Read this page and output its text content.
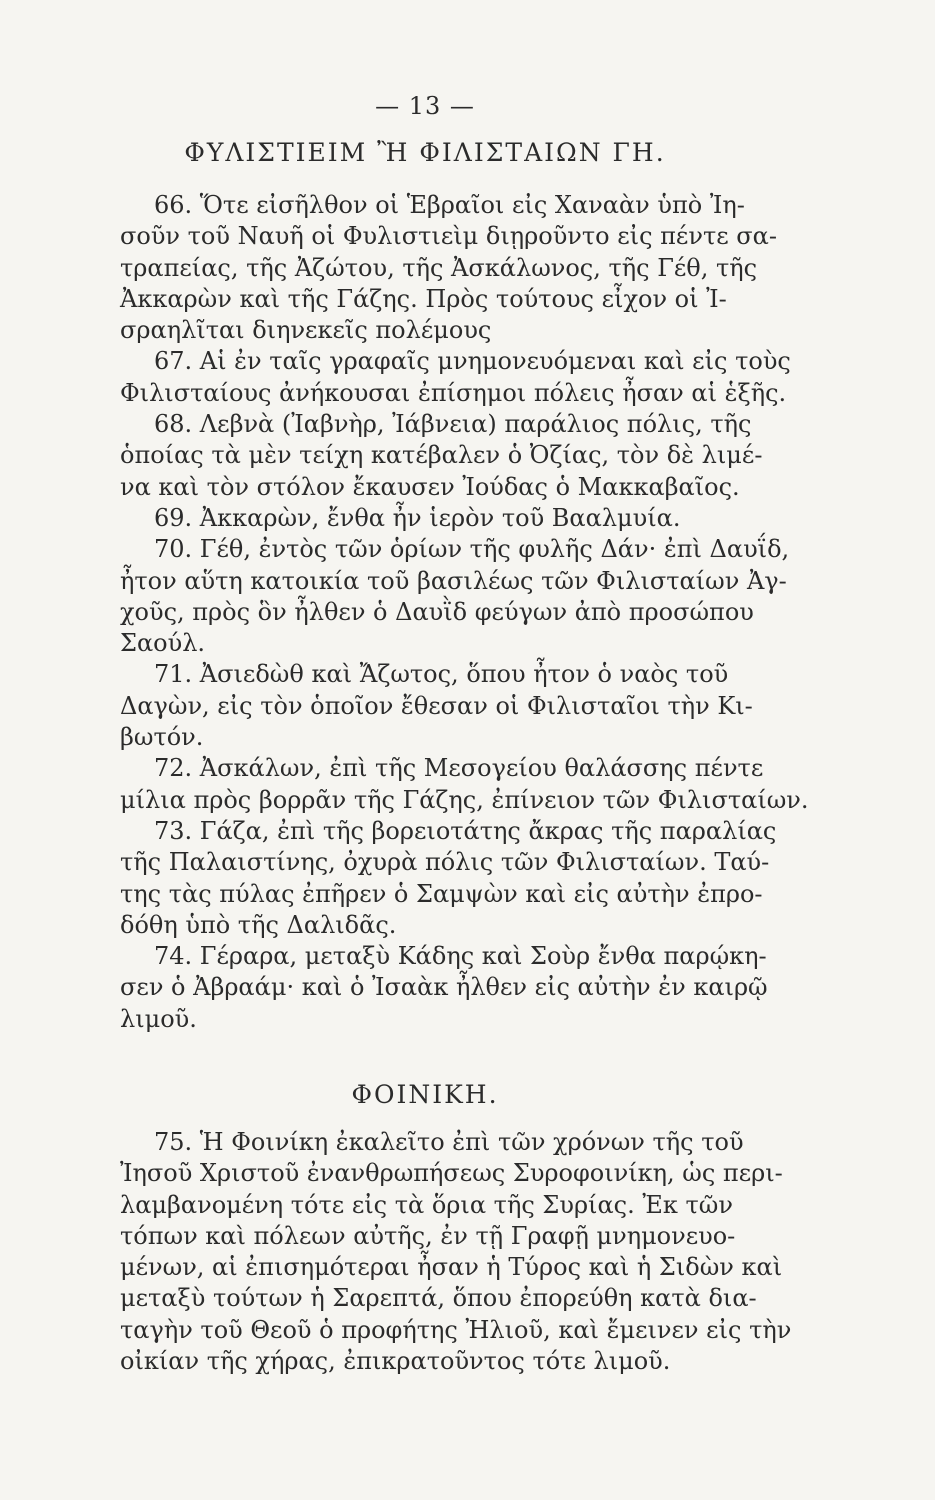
— 13 —
ΦΥΛΙΣΤΙΕΙΜ Ἢ ΦΙΛΙΣΤΑΙΩΝ ΓΗ.
66. Ὅτε εἰσῆλθον οἱ Ἑβραῖοι εἰς Χαναὰν ὑπὸ Ἰη-
σοῦν τοῦ Ναυῆ οἱ Φυλιστιεὶμ διῃροῦντο εἰς πέντε σα-
τραπείας, τῆς Ἀζώτου, τῆς Ἀσκάλωνος, τῆς Γέθ, τῆς
Ἀκκαρὼν καὶ τῆς Γάζης. Πρὸς τούτους εἶχον οἱ Ἰ-
σραηλῖται διηνεκεῖς πολέμους
67. Αἱ ἐν ταῖς γραφαῖς μνημονευόμεναι καὶ εἰς τοὺς
Φιλισταίους ἀνήκουσαι ἐπίσημοι πόλεις ἦσαν αἱ ἑξῆς.
68. Λεβνὰ (Ἰαβνὴρ, Ἰάβνεια) παράλιος πόλις, τῆς
ὁποίας τὰ μὲν τείχη κατέβαλεν ὁ Ὀζίας, τὸν δὲ λιμέ-
να καὶ τὸν στόλον ἔκαυσεν Ἰούδας ὁ Μακκαβαῖος.
69. Ἀκκαρὼν, ἔνθα ἦν ἱερὸν τοῦ Βααλμυία.
70. Γέθ, ἐντὸς τῶν ὁρίων τῆς φυλῆς Δάν· ἐπὶ Δαυΐδ,
ἦτον αὕτη κατοικία τοῦ βασιλέως τῶν Φιλισταίων Ἀγ-
χοῦς, πρὸς ὃν ἦλθεν ὁ Δαυῒδ φεύγων ἀπὸ προσώπου
Σαούλ.
71. Ἀσιεδὼθ καὶ Ἄζωτος, ὅπου ἦτον ὁ ναὸς τοῦ
Δαγὼν, εἰς τὸν ὁποῖον ἔθεσαν οἱ Φιλισταῖοι τὴν Κι-
βωτόν.
72. Ἀσκάλων, ἐπὶ τῆς Μεσογείου θαλάσσης πέντε
μίλια πρὸς βορρᾶν τῆς Γάζης, ἐπίνειον τῶν Φιλισταίων.
73. Γάζα, ἐπὶ τῆς βορειοτάτης ἄκρας τῆς παραλίας
τῆς Παλαιστίνης, ὀχυρὰ πόλις τῶν Φιλισταίων. Ταύ-
της τὰς πύλας ἐπῆρεν ὁ Σαμψὼν καὶ εἰς αὐτὴν ἐπρο-
δόθη ὑπὸ τῆς Δαλιδᾶς.
74. Γέραρα, μεταξὺ Κάδης καὶ Σοὺρ ἔνθα παρῴκη-
σεν ὁ Ἀβραάμ· καὶ ὁ Ἰσαὰκ ἦλθεν εἰς αὐτὴν ἐν καιρῷ
λιμοῦ.
ΦΟΙΝΙΚΗ.
75. Ἡ Φοινίκη ἐκαλεῖτο ἐπὶ τῶν χρόνων τῆς τοῦ
Ἰησοῦ Χριστοῦ ἐνανθρωπήσεως Συροφοινίκη, ὡς περι-
λαμβανομένη τότε εἰς τὰ ὅρια τῆς Συρίας. Ἐκ τῶν
τόπων καὶ πόλεων αὐτῆς, ἐν τῇ Γραφῇ μνημονευο-
μένων, αἱ ἐπισημότεραι ἦσαν ἡ Τύρος καὶ ἡ Σιδὼν καὶ
μεταξὺ τούτων ἡ Σαρεπτά, ὅπου ἐπορεύθη κατὰ δια-
ταγὴν τοῦ Θεοῦ ὁ προφήτης Ἠλιοῦ, καὶ ἔμεινεν εἰς τὴν
οἰκίαν τῆς χήρας, ἐπικρατοῦντος τότε λιμοῦ.
